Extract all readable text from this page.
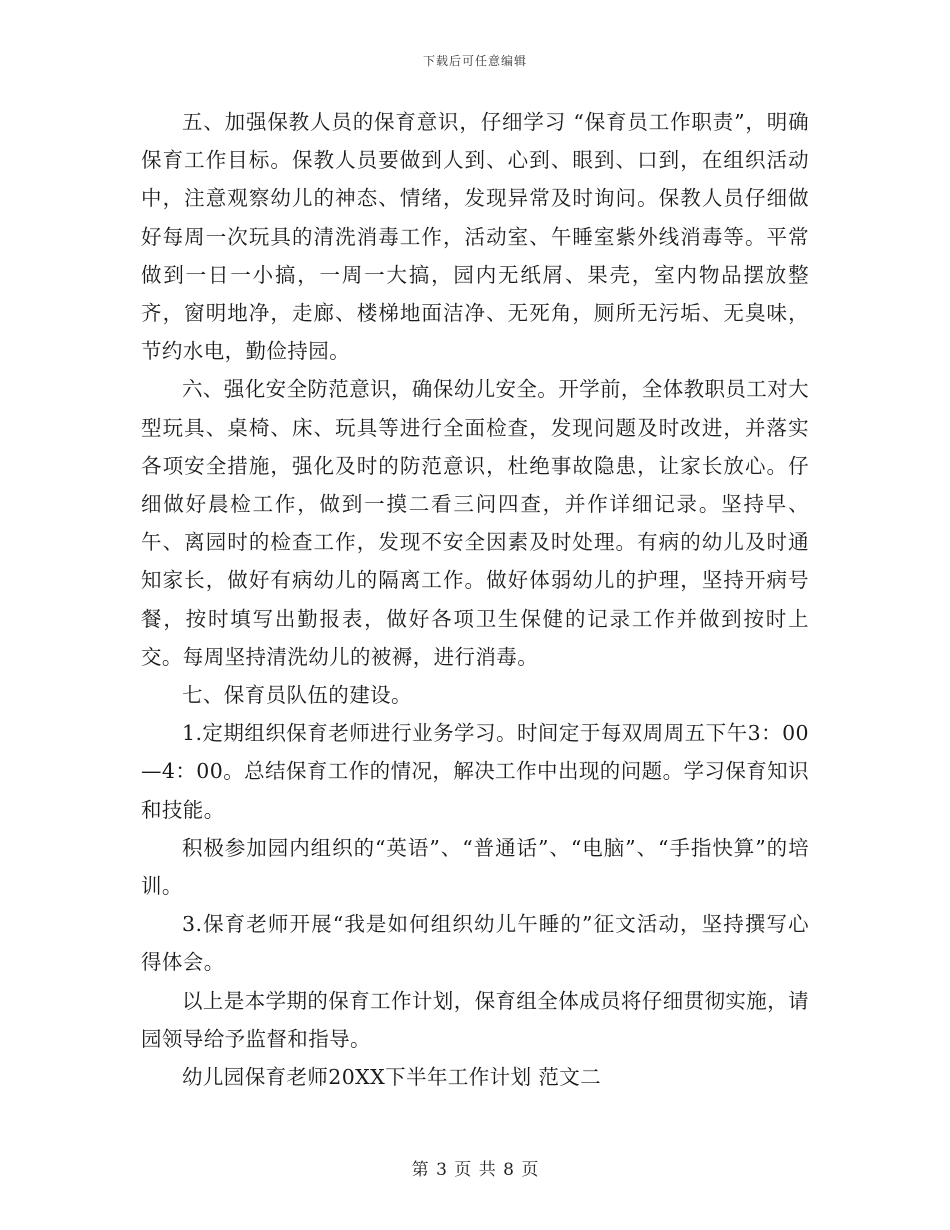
下载后可任意编辑

五、加强保教人员的保育意识，仔细学习 “保育员工作职责”，明确保育工作目标。保教人员要做到人到、心到、眼到、口到，在组织活动中，注意观察幼儿的神态、情绪，发现异常及时询问。保教人员仔细做好每周一次玩具的清洗消毒工作，活动室、午睡室紫外线消毒等。平常做到一日一小搞，一周一大搞，园内无纸屑、果壳，室内物品摆放整齐，窗明地净，走廊、楼梯地面洁净、无死角，厕所无污垢、无臭味，节约水电，勤俭持园。

六、强化安全防范意识，确保幼儿安全。开学前，全体教职员工对大型玩具、桌椅、床、玩具等进行全面检查，发现问题及时改进，并落实各项安全措施，强化及时的防范意识，杜绝事故隐患，让家长放心。仔细做好晨检工作，做到一摸二看三问四查，并作详细记录。坚持早、午、离园时的检查工作，发现不安全因素及时处理。有病的幼儿及时通知家长，做好有病幼儿的隔离工作。做好体弱幼儿的护理，坚持开病号餐，按时填写出勤报表，做好各项卫生保健的记录工作并做到按时上交。每周坚持清洗幼儿的被褥，进行消毒。

七、保育员队伍的建设。

1.定期组织保育老师进行业务学习。时间定于每双周周五下午3：00—4：00。总结保育工作的情况，解决工作中出现的问题。学习保育知识和技能。

积极参加园内组织的“英语”、“普通话”、“电脑”、“手指快算”的培训。

3.保育老师开展“我是如何组织幼儿午睡的”征文活动，坚持撰写心得体会。

以上是本学期的保育工作计划，保育组全体成员将仔细贯彻实施，请园领导给予监督和指导。

幼儿园保育老师20XX下半年工作计划 范文二

第 3 页 共 8 页
